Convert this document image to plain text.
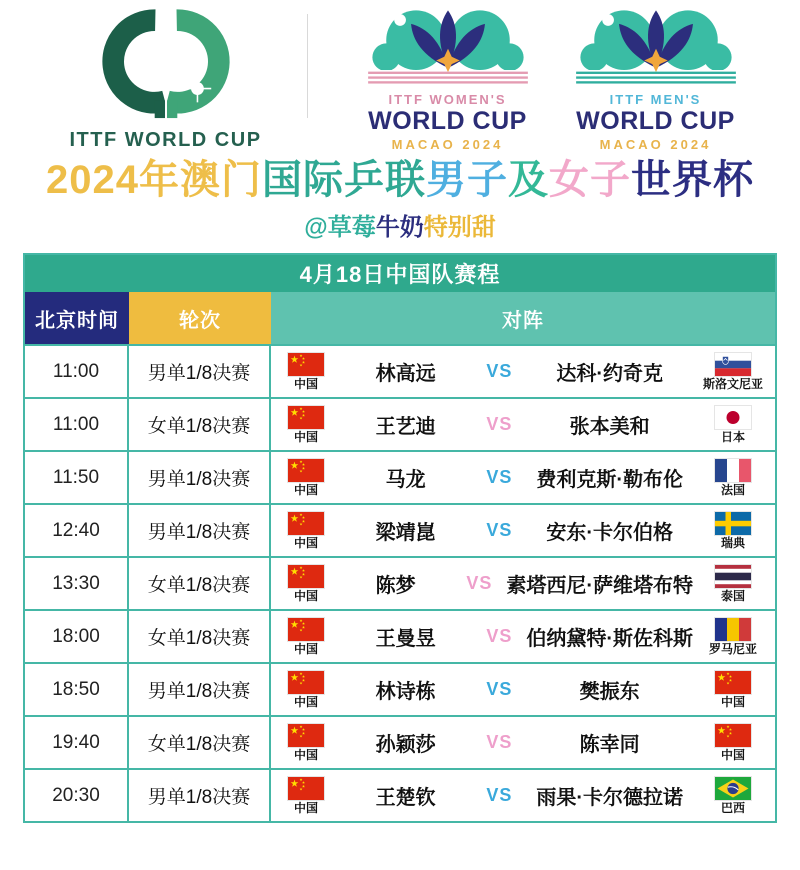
ITTF WORLD CUP
ITTF WOMEN'S
WORLD CUP
MACAO 2024
ITTF MEN'S
WORLD CUP
MACAO 2024
2024年澳门国际乒联男子及女子世界杯
@草莓牛奶特别甜
4月18日中国队赛程
北京时间	轮次	对阵
11:00	男单1/8决赛	中国	林高远	VS	达科·约奇克	斯洛文尼亚
11:00	女单1/8决赛	中国	王艺迪	VS	张本美和	日本
11:50	男单1/8决赛	中国	马龙	VS	费利克斯·勒布伦	法国
12:40	男单1/8决赛	中国	梁靖崑	VS	安东·卡尔伯格	瑞典
13:30	女单1/8决赛	中国	陈梦	VS 素塔西尼·萨维塔布特 泰国
18:00	女单1/8决赛	中国	王曼昱	VS 伯纳黛特·斯佐科斯 罗马尼亚
18:50	男单1/8决赛	中国	林诗栋	VS	樊振东	中国
19:40	女单1/8决赛	中国	孙颖莎	VS	陈幸同	中国
20:30	男单1/8决赛	中国	王楚钦	VS	雨果·卡尔德拉诺	巴西
